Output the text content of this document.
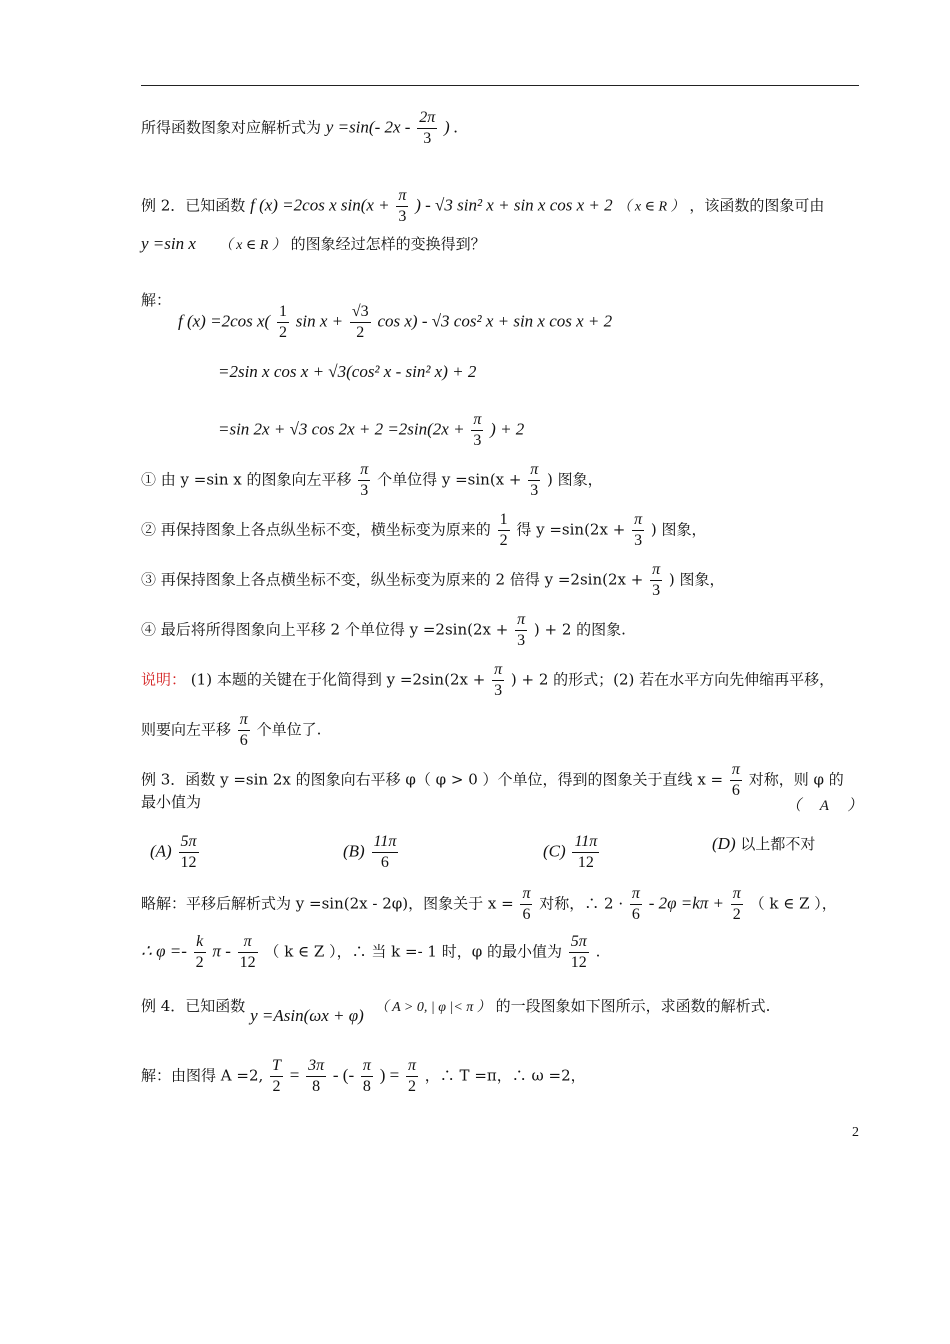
所得函数图象对应解析式为 y =sin(- $2x - \frac{2\pi}{3}$ ) .
例 2．已知函数 f (x) =2cos x $\sin(x + \frac{\pi}{3}$ ) - √3 sin² x + sin x cos x + 2 （ x ∈ R ） ，该函数的图象可由
y =sin x （ x ∈ R ） 的图象经过怎样的变换得到？
解：
f (x) =2cos $x( \frac{1}{2}$ $\sin x + \frac{√3}{2}$ cos x) - √3 cos² x + sin x cos x + 2
=2sin x cos x + √3(cos² x - sin² x) + 2
=sin 2x + √3 $\cos 2x + 2 =2\sin(2x + \frac{\pi}{3}$ ) + 2
① 由 y =sin x 的图象向左平移 $\frac{\pi}{3}$ 个单位得 $y =\sin(x + \frac{\pi}{3}$ ) 图象，
② 再保持图象上各点纵坐标不变，横坐标变为原来的 $\frac{1}{2}$ 得 $y =\sin(2x + \frac{\pi}{3}$ ) 图象，
③ 再保持图象上各点横坐标不变，纵坐标变为原来的 2 倍得 $y =2\sin(2x + \frac{\pi}{3}$ ) 图象，
④ 最后将所得图象向上平移 2 个单位得 $y =2\sin(2x + \frac{\pi}{3}$ ) + 2 的图象.
说明： (1) 本题的关键在于化简得到 $y =2\sin(2x + \frac{\pi}{3}$ ) + 2 的形式；(2) 若在水平方向先伸缩再平移，
则要向左平移 $\frac{\pi}{6}$ 个单位了.
例 3．函数 y =sin 2x 的图象向右平移 φ（ φ > 0 ）个单位，得到的图象关于直线 $x = \frac{\pi}{6}$ 对称，则 φ 的
最小值为	（　 A　 ）
$(A) \frac{5\pi}{12}$	$(B) \frac{11\pi}{6}$	$(C) \frac{11\pi}{12}$	(D) 以上都不对
略解：平移后解析式为 y =sin(2x - 2φ)，图象关于 $x = \frac{\pi}{6}$ 对称，∴ $2 \cdot \frac{\pi}{6} - 2\varphi =k\pi + \frac{\pi}{2}$ （ k ∈ Z ），
∴ $\varphi =- \frac{k}{2}$ π - $\frac{\pi}{12}$ （ k ∈ Z ），∴ 当 k =- 1 时，φ 的最小值为 $\frac{5\pi}{12}$ .
例 4．已知函数 y =Asin(ωx + φ) （ A > 0, | φ |< π ） 的一段图象如下图所示，求函数的解析式.
解：由图得 A =2, $\frac{T}{2} = \frac{3\pi}{8}$ - (- $\frac{\pi}{8}$ ) = $\frac{\pi}{2}$ ，∴ T =π，∴ ω =2，
2
